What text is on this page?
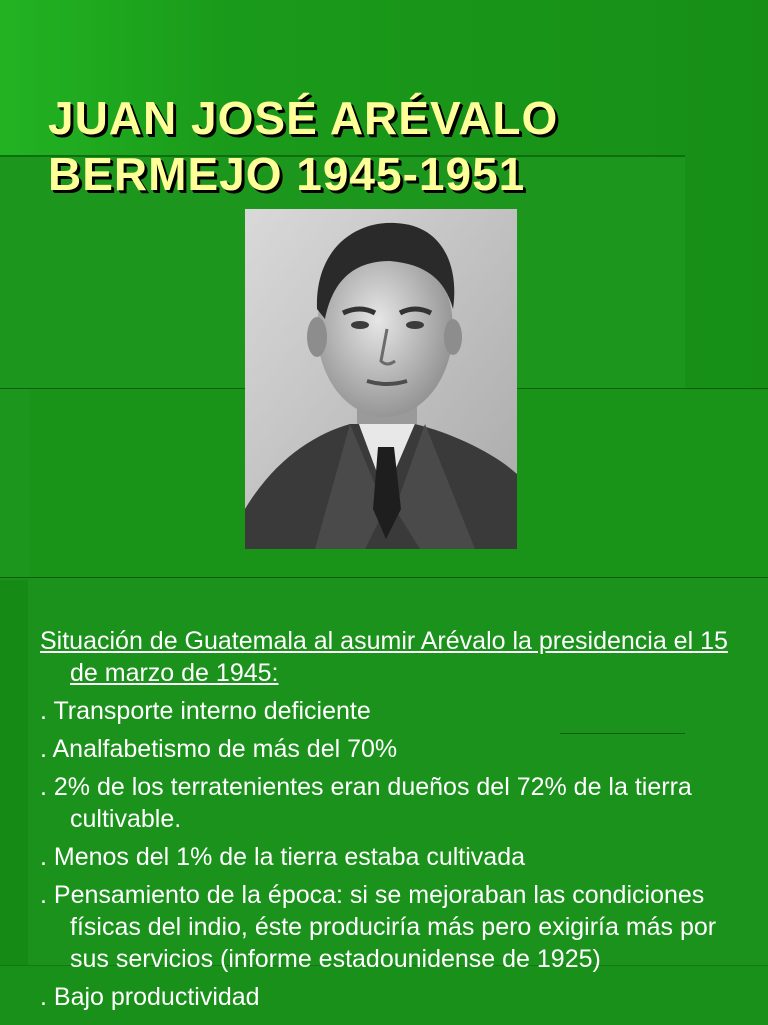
JUAN JOSÉ ARÉVALO
BERMEJO 1945-1951

Situación de Guatemala al asumir Arévalo la presidencia el 15 de marzo de 1945:

. Transporte interno deficiente

. Analfabetismo de más del 70%

. 2% de los terratenientes eran dueños del 72% de la tierra cultivable.

. Menos del 1% de la tierra estaba cultivada

. Pensamiento de la época: si se mejoraban las condiciones físicas del indio, éste produciría más pero exigiría más por sus servicios (informe estadounidense de 1925)

. Bajo productividad
